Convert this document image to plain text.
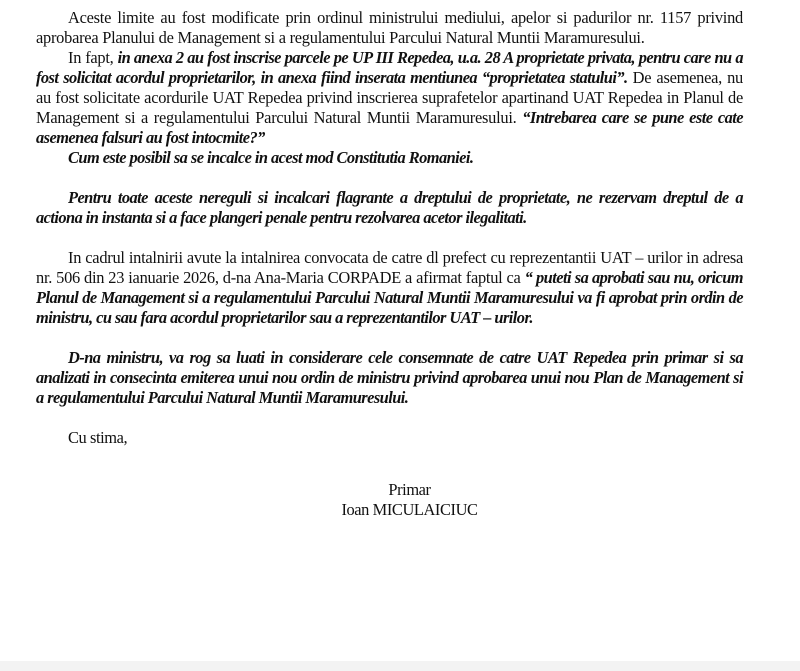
Aceste limite au fost modificate prin ordinul ministrului mediului, apelor si padurilor nr. 1157 privind aprobarea Planului de Management si a regulamentului Parcului Natural Muntii Maramuresului.

In fapt, in anexa 2 au fost inscrise parcele pe UP III Repedea, u.a. 28 A proprietate privata, pentru care nu a fost solicitat acordul proprietarilor, in anexa fiind inserata mentiunea “proprietatea statului”. De asemenea, nu au fost solicitate acordurile UAT Repedea privind inscrierea suprafetelor apartinand UAT Repedea in Planul de Management si a regulamentului Parcului Natural Muntii Maramuresului. “Intrebarea care se pune este cate asemenea falsuri au fost intocmite?”

Cum este posibil sa se incalce in acest mod Constitutia Romaniei.

Pentru toate aceste nereguli si incalcari flagrante a dreptului de proprietate, ne rezervam dreptul de a actiona in instanta si a face plangeri penale pentru rezolvarea acetor ilegalitati.

In cadrul intalnirii avute la intalnirea convocata de catre dl prefect cu reprezentantii UAT – urilor in adresa nr. 506 din 23 ianuarie 2026, d-na Ana-Maria CORPADE a afirmat faptul ca “ puteti sa aprobati sau nu, oricum Planul de Management si a regulamentului Parcului Natural Muntii Maramuresului va fi aprobat prin ordin de ministru, cu sau fara acordul proprietarilor sau a reprezentantilor UAT – urilor.

D-na ministru, va rog sa luati in considerare cele consemnate de catre UAT Repedea prin primar si sa analizati in consecinta emiterea unui nou ordin de ministru privind aprobarea unui nou Plan de Management si a regulamentului Parcului Natural Muntii Maramuresului.

Cu stima,

Primar
Ioan MICULAICIUC
